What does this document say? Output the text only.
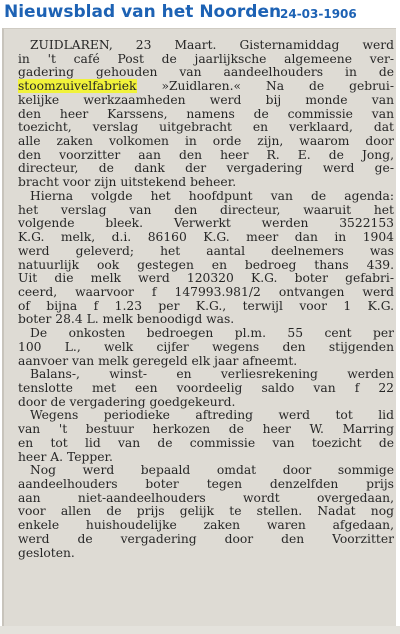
Nieuwsblad van het Noorden
24-03-1906
ZUIDLAREN, 23 Maart. Gisternamiddag werd
in 't café Post de jaarlijksche algemeene ver-
gadering gehouden van aandeelhouders in de
stoomzuivelfabriek »Zuidlaren.« Na de gebrui-
kelijke werkzaamheden werd bij monde van
den heer Karssens, namens de commissie van
toezicht, verslag uitgebracht en verklaard, dat
alle zaken volkomen in orde zijn, waarom door
den voorzitter aan den heer R. E. de Jong,
directeur, de dank der vergadering werd ge-
bracht voor zijn uitstekend beheer.
Hierna volgde het hoofdpunt van de agenda:
het verslag van den directeur, waaruit het
volgende bleek. Verwerkt werden 3522153
K.G. melk, d.i. 86160 K.G. meer dan in 1904
werd geleverd; het aantal deelnemers was
natuurlijk ook gestegen en bedroeg thans 439.
Uit die melk werd 120320 K.G. boter gefabri-
ceerd, waarvoor f 147993.981/2 ontvangen werd
of bijna f 1.23 per K.G., terwijl voor 1 K.G.
boter 28.4 L. melk benoodigd was.
De onkosten bedroegen pl.m. 55 cent per
100 L., welk cijfer wegens den stijgenden
aanvoer van melk geregeld elk jaar afneemt.
Balans-, winst- en verliesrekening werden
tenslotte met een voordeelig saldo van f 22
door de vergadering goedgekeurd.
Wegens periodieke aftreding werd tot lid
van 't bestuur herkozen de heer W. Marring
en tot lid van de commissie van toezicht de
heer A. Tepper.
Nog werd bepaald omdat door sommige
aandeelhouders boter tegen denzelfden prijs
aan niet-aandeelhouders wordt overgedaan,
voor allen de prijs gelijk te stellen. Nadat nog
enkele huishoudelijke zaken waren afgedaan,
werd de vergadering door den Voorzitter
gesloten.
